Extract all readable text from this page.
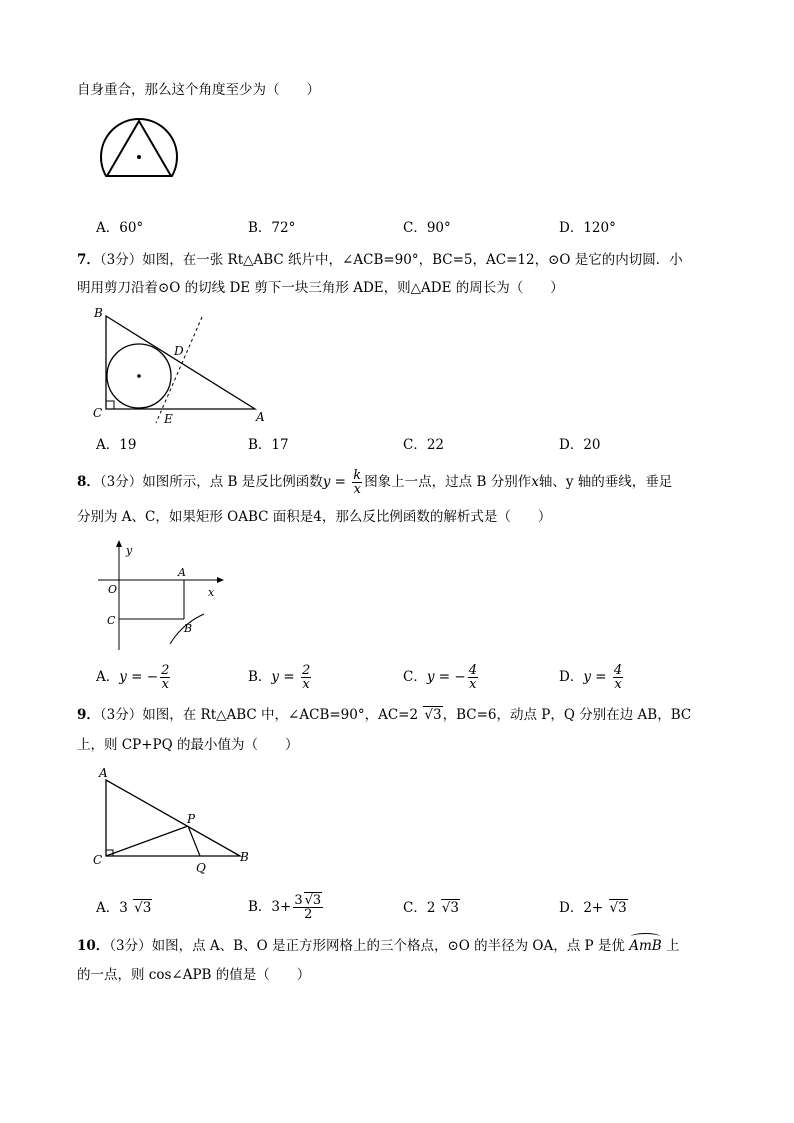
自身重合，那么这个角度至少为（　　）
A．60°	B．72°	C．90°	D．120°
7．（3分）如图，在一张 Rt△ABC 纸片中，∠ACB=90°，BC=5，AC=12，⊙O 是它的内切圆．小
明用剪刀沿着⊙O 的切线 DE 剪下一块三角形 ADE，则△ADE 的周长为（　　）
B
D
C	E	A
A．19	B．17	C．22	D．20
8．（3分）如图所示，点 B 是反比例函数$y = \frac{k}{x}$ 图象上一点，过点 B 分别作x轴、y 轴的垂线，垂足
分别为 A、C，如果矩形 OABC 面积是4，那么反比例函数的解析式是（　　）
y
O
A
x
C
B
A．y = − $\frac{2}{x}$	B．$y = \frac{2}{x}$	C．y = − $\frac{4}{x}$	D．$y = \frac{4}{x}$
9．（3分）如图，在 Rt△ABC 中，∠ACB=90°，AC=2 √3，BC=6，动点 P，Q 分别在边 AB，BC
上，则 CP+PQ 的最小值为（　　）
A
P
C
Q
B
A．3 √3	B．$3+ \frac{3 √3}{2}$	C．2 √3	D．2+ √3
10．（3分）如图，点 A、B、O 是正方形网格上的三个格点，⊙O 的半径为 OA，点 P 是优 AmB 上
的一点，则 cos∠APB 的值是（　　）
